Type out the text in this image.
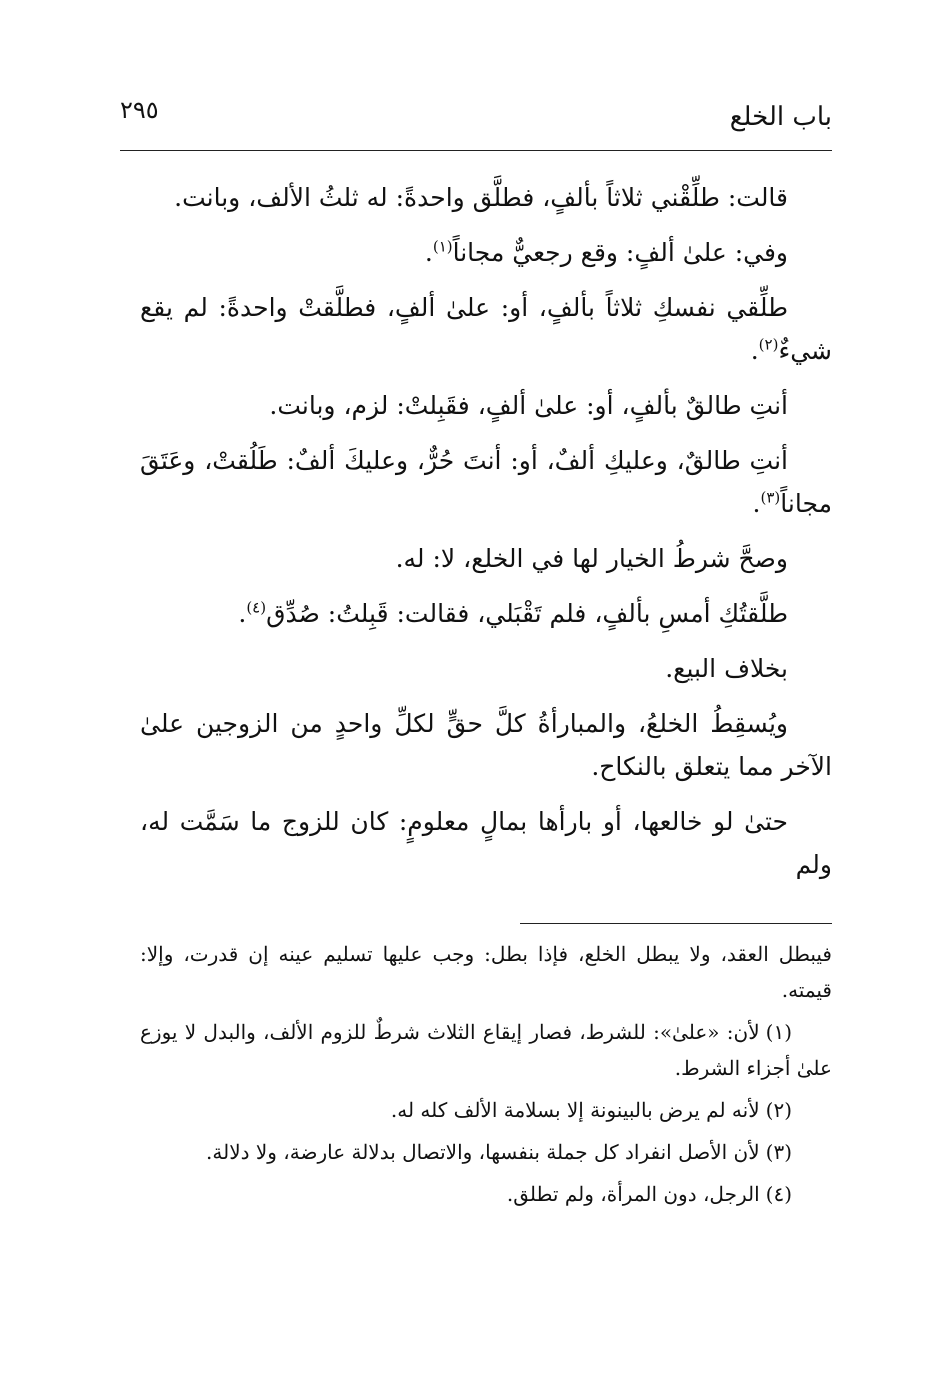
باب الخلع
٢٩٥

قالت: طلِّقْني ثلاثاً بألفٍ، فطلَّق واحدةً: له ثلثُ الألف، وبانت.

وفي: علىٰ ألفٍ: وقع رجعيٌّ مجاناً$^{(١)}$.

طلِّقي نفسكِ ثلاثاً بألفٍ، أو: علىٰ ألفٍ، فطلَّقتْ واحدةً: لم يقع شيءٌ$^{(٢)}$.

أنتِ طالقٌ بألفٍ، أو: علىٰ ألفٍ، فقَبِلتْ: لزم، وبانت.

أنتِ طالقٌ، وعليكِ ألفٌ، أو: أنتَ حُرٌّ، وعليكَ ألفٌ: طَلُقتْ، وعَتَقَ مجاناً$^{(٣)}$.

وصحَّ شرطُ الخيار لها في الخلع، لا: له.

طلَّقتُكِ أمسِ بألفٍ، فلم تَقْبَلي، فقالت: قَبِلتُ: صُدِّق$^{(٤)}$.

بخلاف البيع.

ويُسقِطُ الخلعُ، والمبارأةُ كلَّ حقٍّ لكلِّ واحدٍ من الزوجين علىٰ الآخر مما يتعلق بالنكاح.

حتىٰ لو خالعها، أو بارأها بمالٍ معلومٍ: كان للزوج ما سَمَّت له، ولم

فيبطل العقد، ولا يبطل الخلع، فإذا بطل: وجب عليها تسليم عينه إن قدرت، وإلا: قيمته.

(١)لأن: «علىٰ»: للشرط، فصار إيقاع الثلاث شرطٌ للزوم الألف، والبدل لا يوزع علىٰ أجزاء الشرط.

(٢)لأنه لم يرض بالبينونة إلا بسلامة الألف كله له.

(٣)لأن الأصل انفراد كل جملة بنفسها، والاتصال بدلالة عارضة، ولا دلالة.

(٤)الرجل، دون المرأة، ولم تطلق.
